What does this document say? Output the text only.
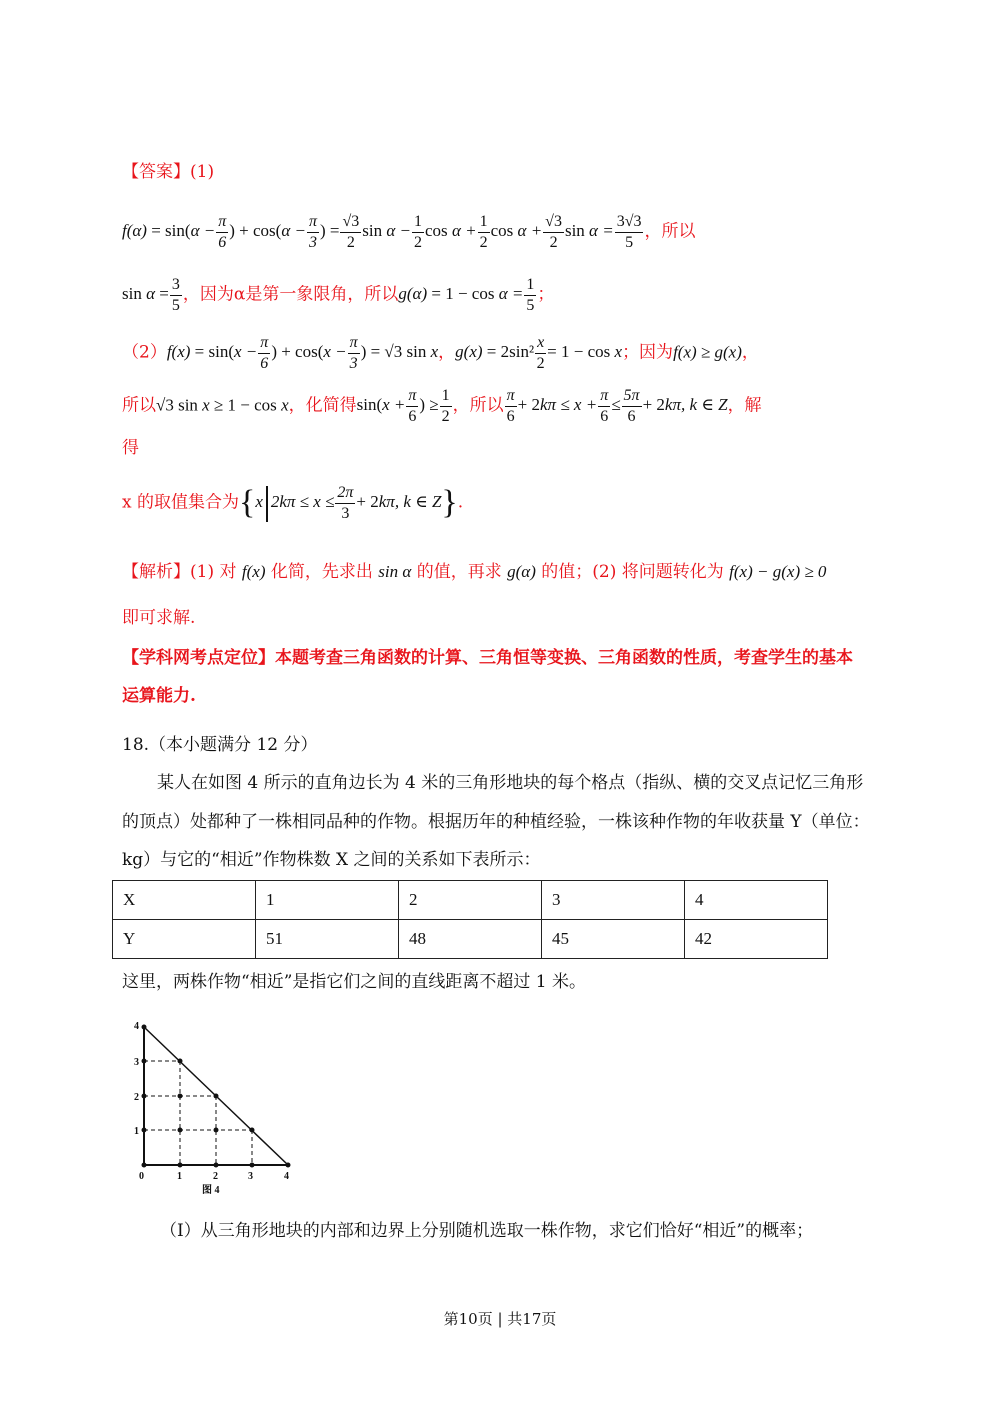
【答案】(1)
$f(\alpha) = \sin(\alpha - \frac{\pi}{6}$ ) + $\cos(\alpha - \frac{\pi}{3}$ ) = $\frac{√3}{2}$ $\sin \alpha - \frac{1}{2}$ $\cos \alpha + \frac{1}{2}$ $\cos \alpha + \frac{√3}{2}$ $\sin \alpha = \frac{3√3}{5}$ ，所以
$\sin \alpha = \frac{3}{5}$ ，因为α是第一象限角，所以$g(\alpha) = 1 - \cos \alpha = \frac{1}{5}$ ；
$(2)f(x) = \sin(x - \frac{\pi}{6}$ ) + $\cos(x - \frac{\pi}{3}$ ) = √3 sin x，$g(x) = 2\sin^2 \frac{x}{2} = 1 - \cos x$；因为f(x) ≥ g(x)，
所以√3 sin x ≥ 1 − cos x，化简得$\sin(x + \frac{\pi}{6}$ ) ≥ $\frac{1}{2}$ ，所以 $\frac{\pi}{6} + 2k\pi \le x + \frac{\pi}{6} \le \frac{5\pi}{6} + 2k\pi$, k ∈ Z，解
得
x 的取值集合为{x $2k\pi \le x \le \frac{2\pi}{3} + 2k\pi$, k ∈ Z}.
【解析】(1) 对 f(x) 化简，先求出 sin α 的值，再求 g(α) 的值；(2) 将问题转化为 f(x) − g(x) ≥ 0
即可求解.
【学科网考点定位】本题考查三角函数的计算、三角恒等变换、三角函数的性质，考查学生的基本
运算能力.
18.（本小题满分 12 分）
某人在如图 4 所示的直角边长为 4 米的三角形地块的每个格点（指纵、横的交叉点记忆三角形
的顶点）处都种了一株相同品种的作物。根据历年的种植经验，一株该种作物的年收获量 Y（单位：
kg）与它的“相近”作物株数 X 之间的关系如下表所示：
X	1	2	3	4
Y	51	48	45	42
这里，两株作物“相近”是指它们之间的直线距离不超过 1 米。
0	1	2	3	4
1
2
3
4
图 4
（I）从三角形地块的内部和边界上分别随机选取一株作物，求它们恰好“相近”的概率；
第10页 | 共17页
